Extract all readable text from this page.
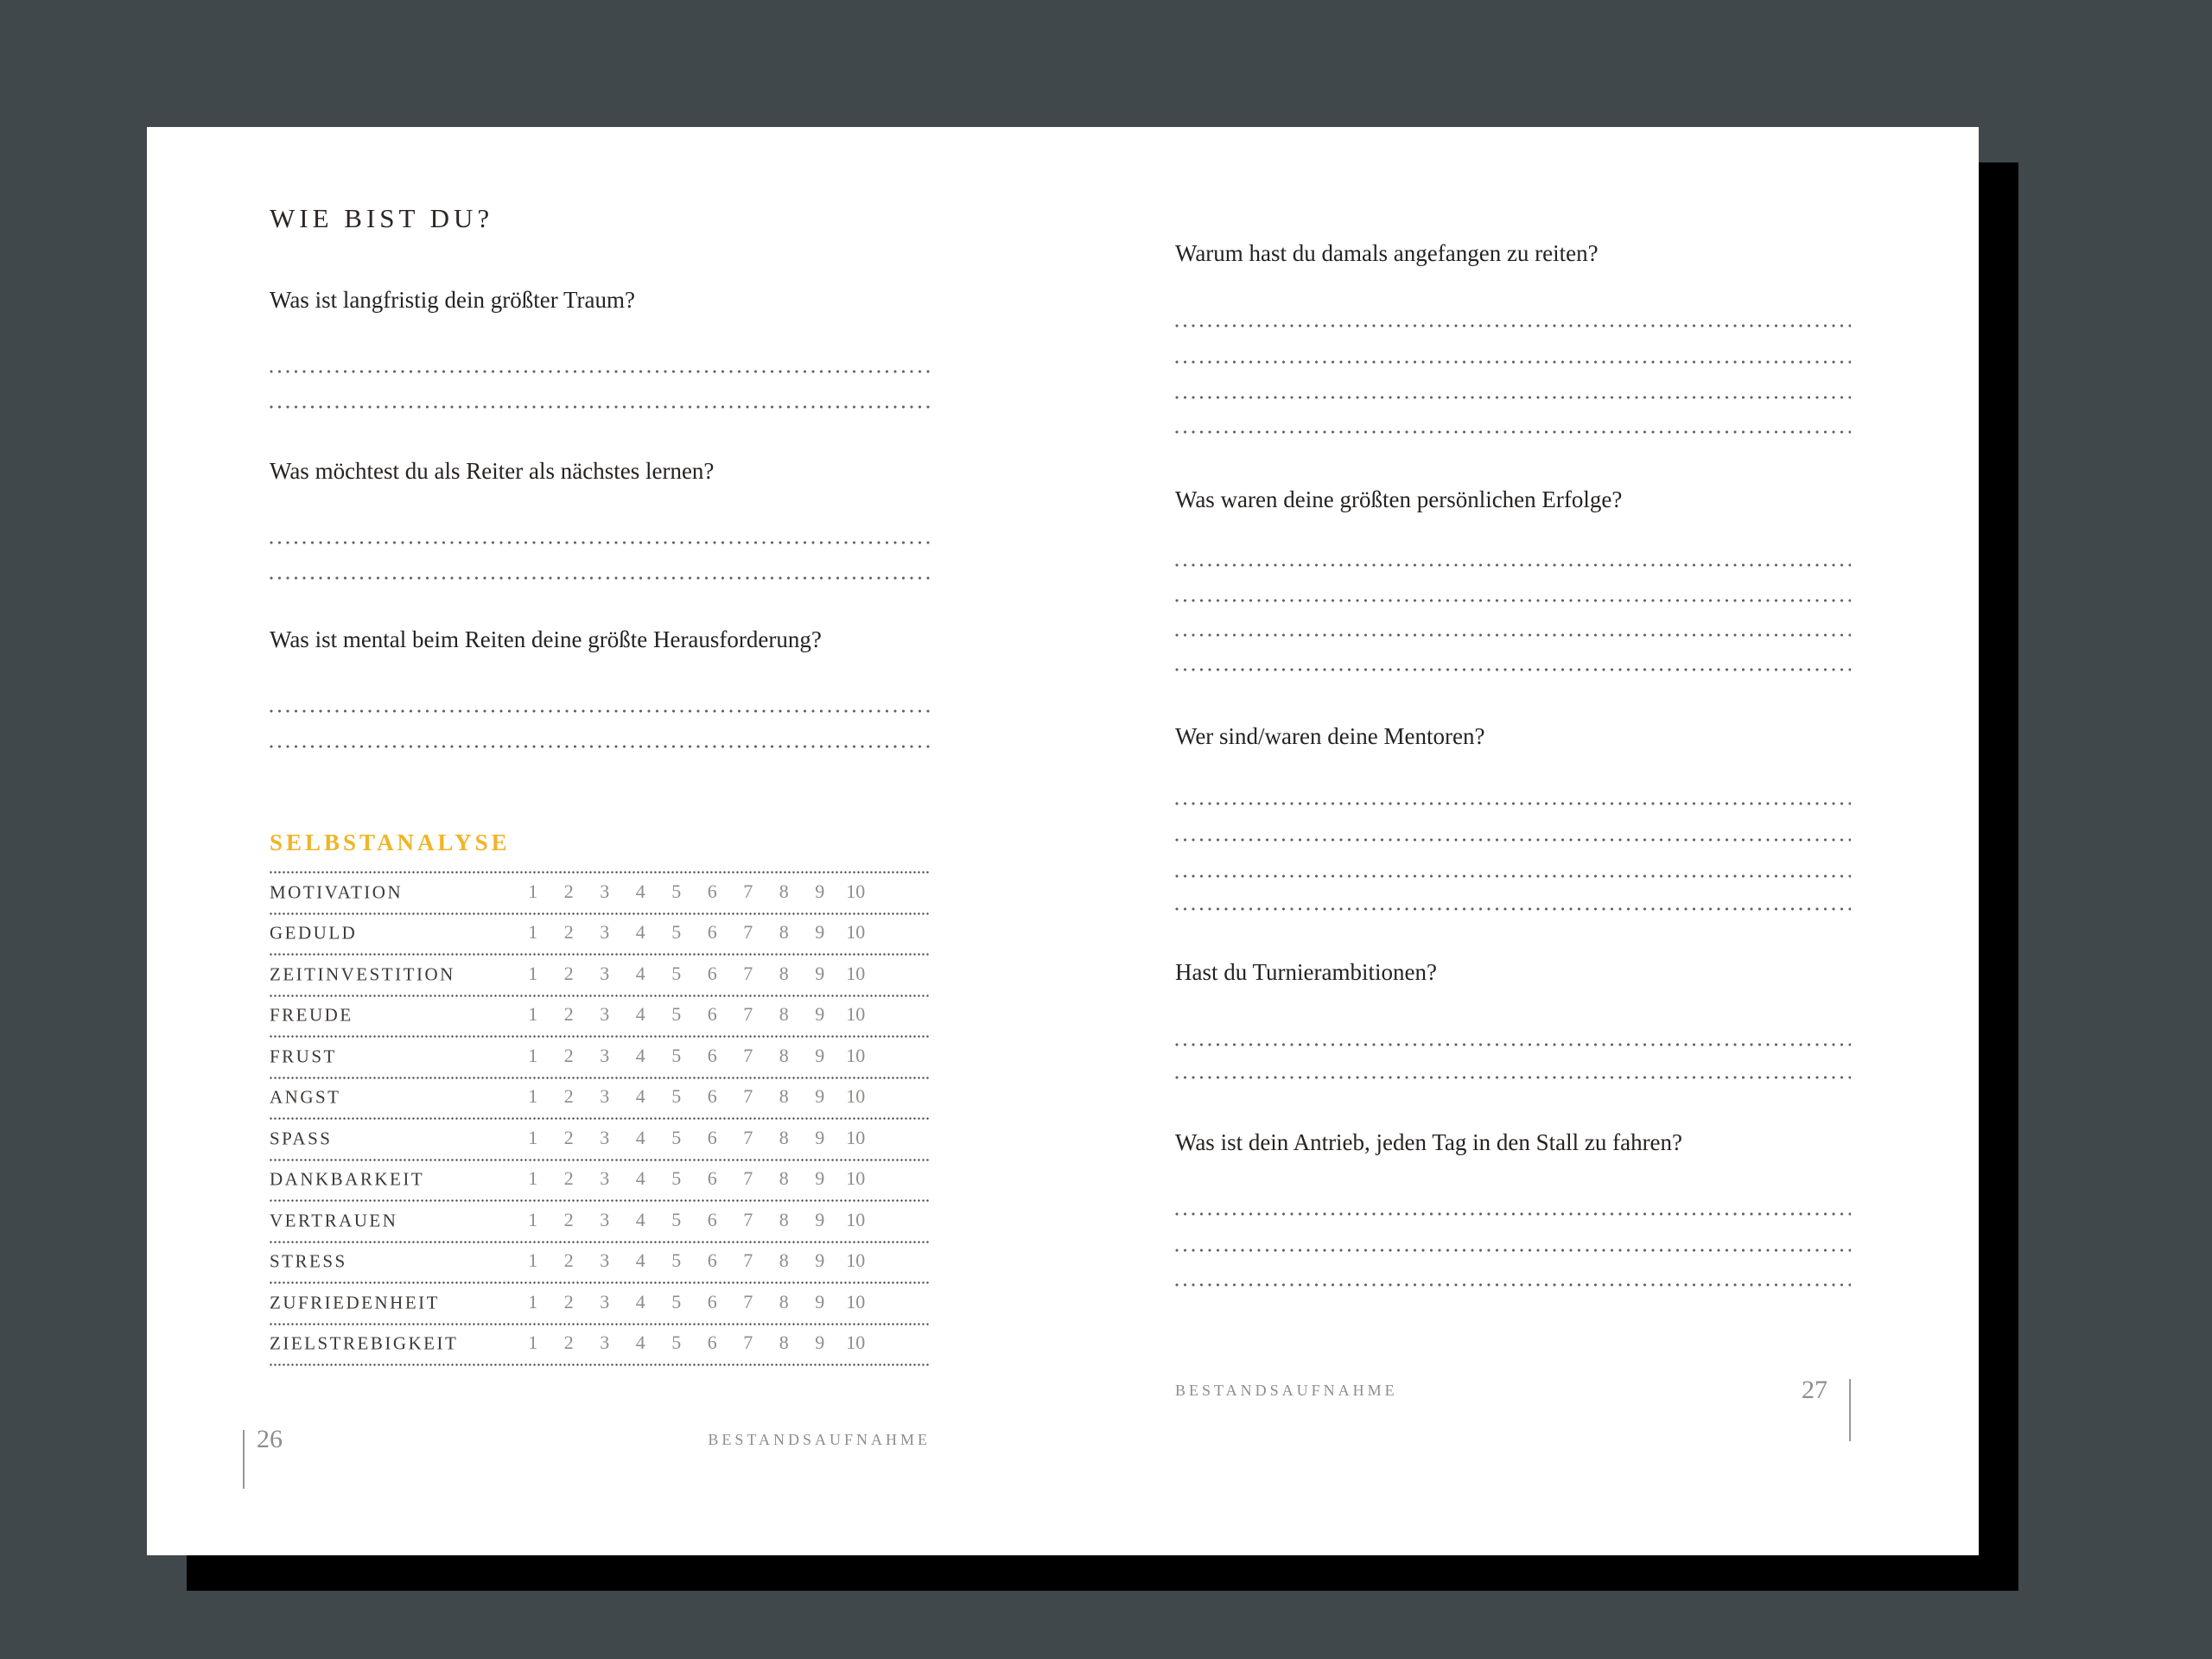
WIE BIST DU?
Was ist langfristig dein größter Traum?
Was möchtest du als Reiter als nächstes lernen?
Was ist mental beim Reiten deine größte Herausforderung?
SELBSTANALYSE
MOTIVATION	1	2	3	4	5	6	7	8	9	10
GEDULD	1	2	3	4	5	6	7	8	9	10
ZEITINVESTITION	1	2	3	4	5	6	7	8	9	10
FREUDE	1	2	3	4	5	6	7	8	9	10
FRUST	1	2	3	4	5	6	7	8	9	10
ANGST	1	2	3	4	5	6	7	8	9	10
SPASS	1	2	3	4	5	6	7	8	9	10
DANKBARKEIT	1	2	3	4	5	6	7	8	9	10
VERTRAUEN	1	2	3	4	5	6	7	8	9	10
STRESS	1	2	3	4	5	6	7	8	9	10
ZUFRIEDENHEIT	1	2	3	4	5	6	7	8	9	10
ZIELSTREBIGKEIT	1	2	3	4	5	6	7	8	9	10
26	BESTANDSAUFNAHME
Warum hast du damals angefangen zu reiten?
Was waren deine größten persönlichen Erfolge?
Wer sind/waren deine Mentoren?
Hast du Turnierambitionen?
Was ist dein Antrieb, jeden Tag in den Stall zu fahren?
BESTANDSAUFNAHME	27
